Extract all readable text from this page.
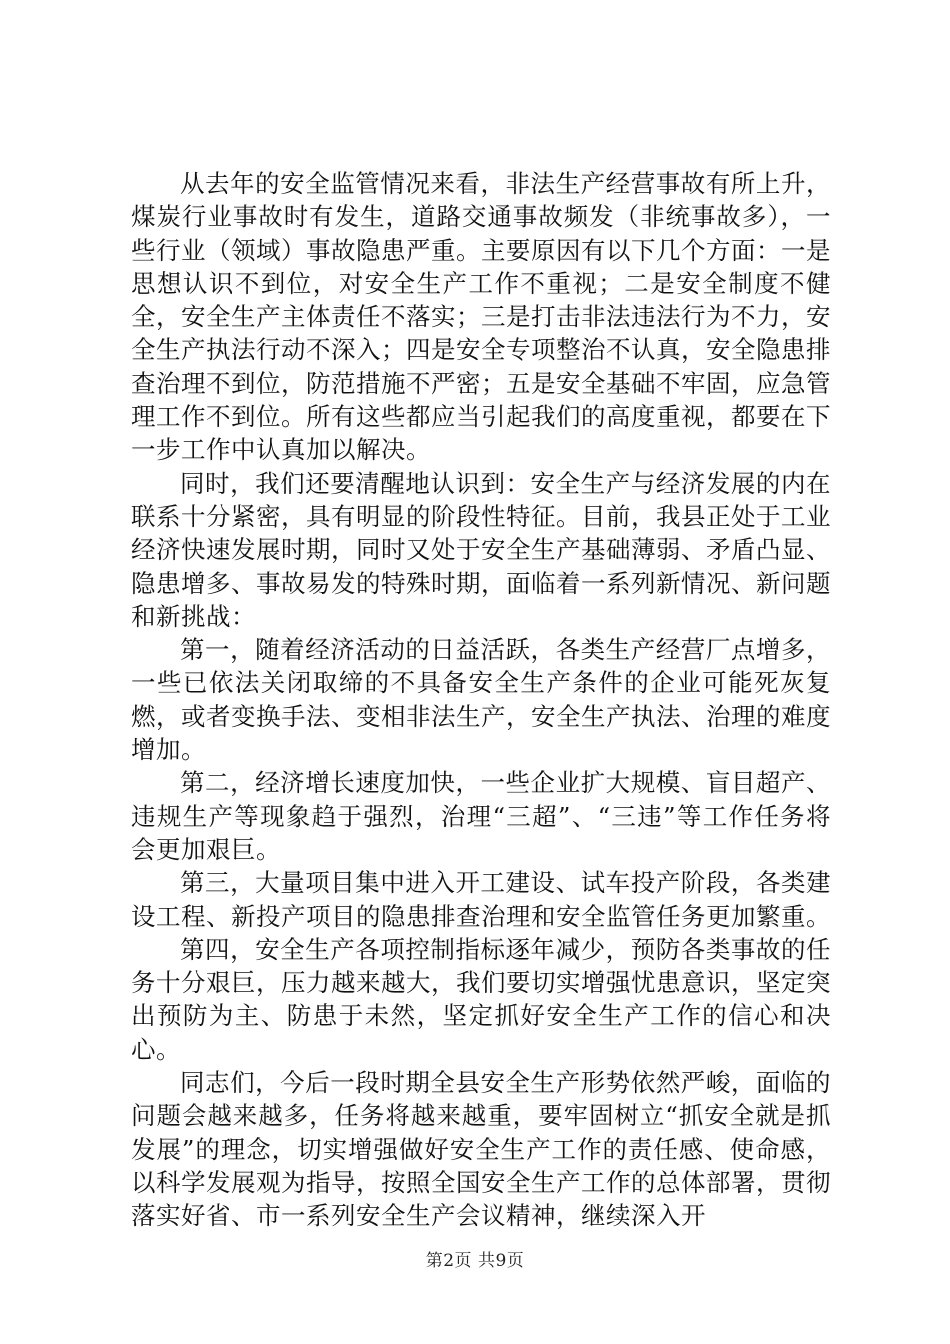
从去年的安全监管情况来看，非法生产经营事故有所上升，煤炭行业事故时有发生，道路交通事故频发（非统事故多），一些行业（领域）事故隐患严重。主要原因有以下几个方面：一是思想认识不到位，对安全生产工作不重视；二是安全制度不健全，安全生产主体责任不落实；三是打击非法违法行为不力，安全生产执法行动不深入；四是安全专项整治不认真，安全隐患排查治理不到位，防范措施不严密；五是安全基础不牢固，应急管理工作不到位。所有这些都应当引起我们的高度重视，都要在下一步工作中认真加以解决。

同时，我们还要清醒地认识到：安全生产与经济发展的内在联系十分紧密，具有明显的阶段性特征。目前，我县正处于工业经济快速发展时期，同时又处于安全生产基础薄弱、矛盾凸显、隐患增多、事故易发的特殊时期，面临着一系列新情况、新问题和新挑战：

第一，随着经济活动的日益活跃，各类生产经营厂点增多，一些已依法关闭取缔的不具备安全生产条件的企业可能死灰复燃，或者变换手法、变相非法生产，安全生产执法、治理的难度增加。

第二，经济增长速度加快，一些企业扩大规模、盲目超产、违规生产等现象趋于强烈，治理“三超”、“三违”等工作任务将会更加艰巨。

第三，大量项目集中进入开工建设、试车投产阶段，各类建设工程、新投产项目的隐患排查治理和安全监管任务更加繁重。

第四，安全生产各项控制指标逐年减少，预防各类事故的任务十分艰巨，压力越来越大，我们要切实增强忧患意识，坚定突出预防为主、防患于未然，坚定抓好安全生产工作的信心和决心。

同志们，今后一段时期全县安全生产形势依然严峻，面临的问题会越来越多，任务将越来越重，要牢固树立“抓安全就是抓发展”的理念，切实增强做好安全生产工作的责任感、使命感，以科学发展观为指导，按照全国安全生产工作的总体部署，贯彻落实好省、市一系列安全生产会议精神，继续深入开

第2页 共9页
